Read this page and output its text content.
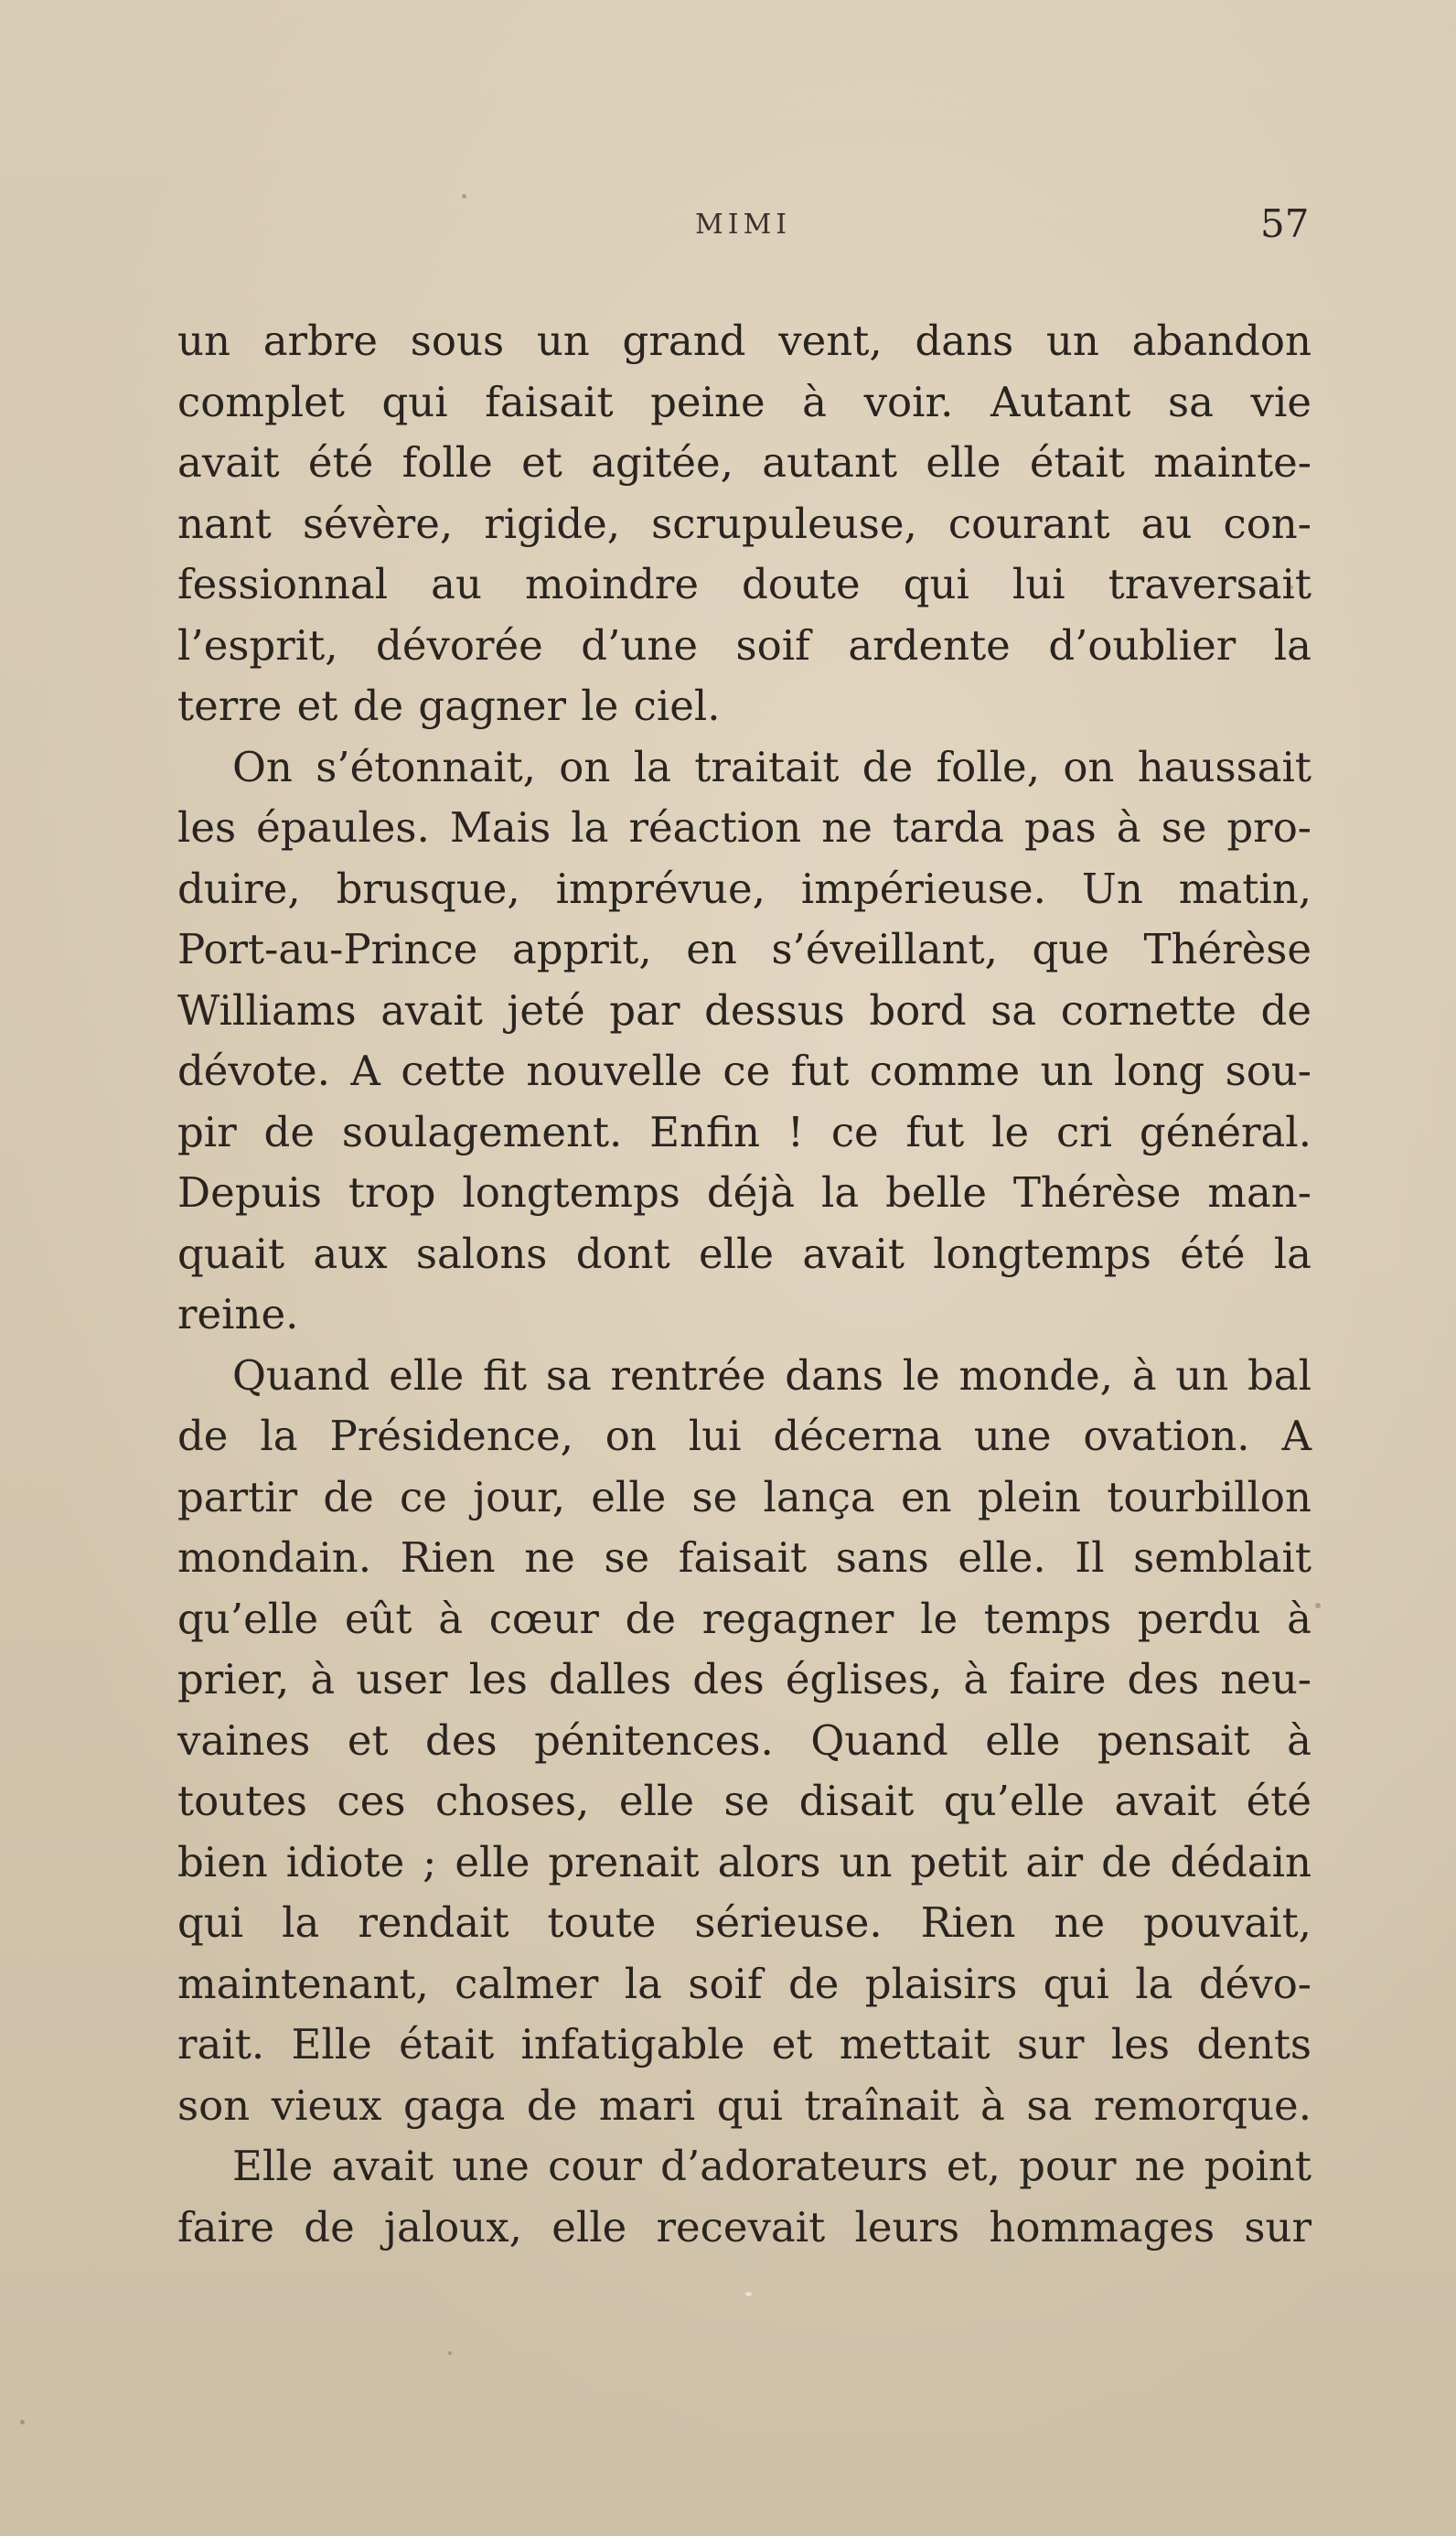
MIMI	57
un arbre sous un grand vent, dans un abandon
complet qui faisait peine à voir. Autant sa vie
avait été folle et agitée, autant elle était mainte-
nant sévère, rigide, scrupuleuse, courant au con-
fessionnal au moindre doute qui lui traversait
l’esprit, dévorée d’une soif ardente d’oublier la
terre et de gagner le ciel.
On s’étonnait, on la traitait de folle, on haussait
les épaules. Mais la réaction ne tarda pas à se pro-
duire, brusque, imprévue, impérieuse. Un matin,
Port-au-Prince apprit, en s’éveillant, que Thérèse
Williams avait jeté par dessus bord sa cornette de
dévote. A cette nouvelle ce fut comme un long sou-
pir de soulagement. Enfin ! ce fut le cri général.
Depuis trop longtemps déjà la belle Thérèse man-
quait aux salons dont elle avait longtemps été la
reine.
Quand elle fit sa rentrée dans le monde, à un bal
de la Présidence, on lui décerna une ovation. A
partir de ce jour, elle se lança en plein tourbillon
mondain. Rien ne se faisait sans elle. Il semblait
qu’elle eût à cœur de regagner le temps perdu à
prier, à user les dalles des églises, à faire des neu-
vaines et des pénitences. Quand elle pensait à
toutes ces choses, elle se disait qu’elle avait été
bien idiote ; elle prenait alors un petit air de dédain
qui la rendait toute sérieuse. Rien ne pouvait,
maintenant, calmer la soif de plaisirs qui la dévo-
rait. Elle était infatigable et mettait sur les dents
son vieux gaga de mari qui traînait à sa remorque.
Elle avait une cour d’adorateurs et, pour ne point
faire de jaloux, elle recevait leurs hommages sur
